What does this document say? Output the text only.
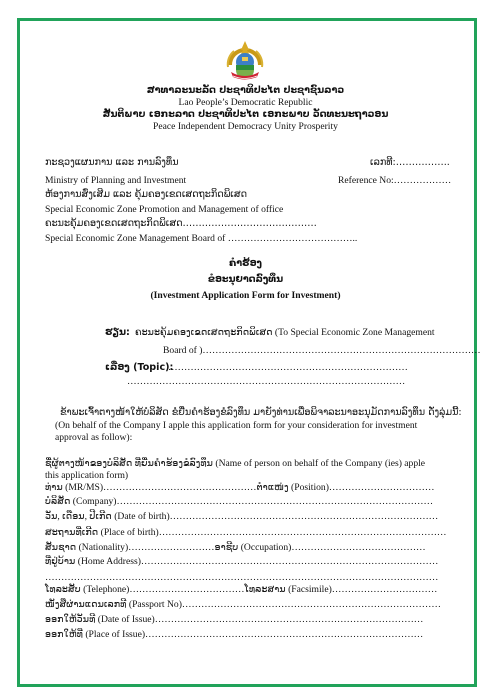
ສາທາລະນະລັດ ປະຊາທິປະໄຕ ປະຊາຊົນລາວ
Lao People’s Democratic Republic
ສັນຕິພາບ ເອກະລາດ ປະຊາທິປະໄຕ ເອກະພາບ ວັດທະນະຖາວອນ
Peace Independent Democracy Unity Prosperity
ກະຊວງແຜນການ ແລະ ການລົງທຶນ	ເລກທີ:……………..
Ministry of Planning and Investment	Reference No:………………
ຫ້ອງການສົ່ງເສີມ ແລະ ຄຸ້ມຄອງເຂດເສດຖະກິດພິເສດ
Special Economic Zone Promotion and Management of office
ຄະນະຄຸ້ມຄອງເຂດເສດຖະກິດພິເສດ……………………………………
Special Economic Zone Management Board of …………………………………..
ຄຳຮ້ອງ
ຂໍອະນຸຍາດລົງທຶນ
(Investment Application Form for Investment)
ຮຽນ: ຄະນະຄຸ້ມຄອງເຂດເສດຖະກິດພິເສດ (To Special Economic Zone Management
Board of )……………………………………………………………………………
ເລື່ອງ (Topic):
…………………………………………………………………
……………………………………………………………………………
ຂ້າພະເຈົ້າຕາງໜ້າໃຫ້ບໍລິສັດ ຂໍຍື່ນຄຳຮ້ອງຂໍລົງທຶນ ມາຍັງທ່ານເພື່ອພິຈາລະນາອະນຸມັດການລົງທຶນ ດັ່ງລຸ່ມນີ້:
(On behalf of the Company I apple this application form for your consideration for investment
approval as follow):
ຊື່ຜູ້ຕາງໜ້າຂອງບໍລິສັດ ທີ່ຍື່ນຄຳຮ້ອງຂໍລົງທຶນ (Name of person on behalf of the Company (ies) apple
this application form)
ທ່ານ (MR/MS)…………………………………………ຕຳແໜ່ງ (Position)……………………………
ບໍລິສັດ (Company)………………………………………………………………………………………
ວັນ, ເດືອນ, ປີເກີດ (Date of birth)…………………………………………………………………………
ສະຖານທີ່ເກີດ (Place of birth)………………………………………………………………………………
ສັນຊາດ (Nationality)………………………ອາຊີບ (Occupation)……………………………………
ທີ່ຢູ່ບ້ານ (Home Address)…………………………………………………………………………………
……………………………………………………………………………………………………………
ໂທລະສັບ (Telephone)………………………………ໂທລະສານ (Facsimile)……………………………
ໜັງສືຜ່ານແດນເລກທີ (Passport No)………………………………………………………………………
ອອກໃຫ້ວັນທີ (Date of Issue)…………………………………………………………………………
ອອກໃຫ້ທີ່ (Place of Issue)……………………………………………………………………………
